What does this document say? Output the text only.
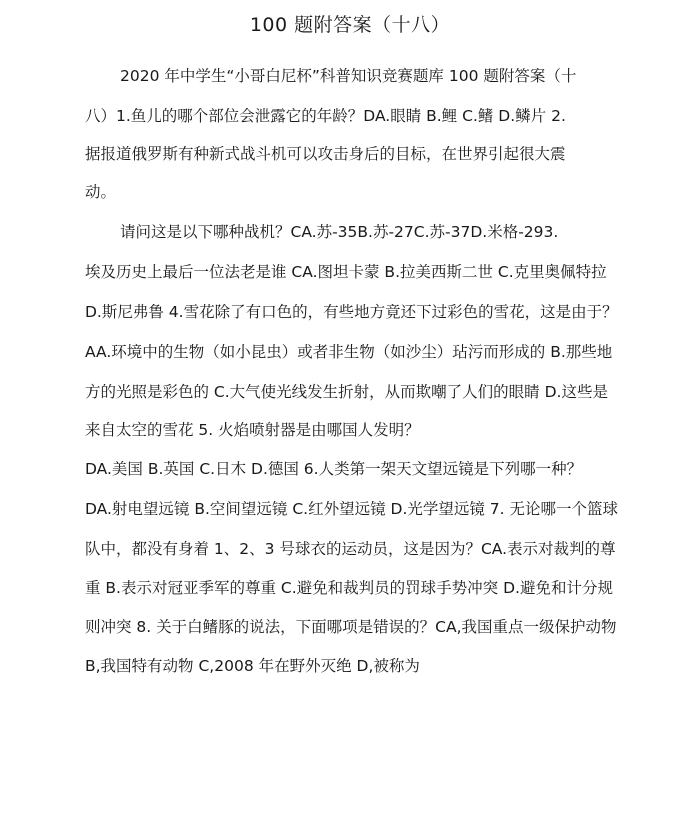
100 题附答案（十八）
2020 年中学生“小哥白尼杯”科普知识竞赛题库 100 题附答案（十
八）1.鱼儿的哪个部位会泄露它的年龄？DA.眼睛 B.鲤 C.鳍 D.鳞片 2.
据报道俄罗斯有种新式战斗机可以攻击身后的目标，在世界引起很大震
动。
请问这是以下哪种战机？CA.苏-35B.苏-27C.苏-37D.米格-293.
埃及历史上最后一位法老是谁 CA.图坦卡蒙 B.拉美西斯二世 C.克里奥佩特拉
D.斯尼弗鲁 4.雪花除了有口色的，有些地方竟还下过彩色的雪花，这是由于？
AA.环境中的生物（如小昆虫）或者非生物（如沙尘）玷污而形成的 B.那些地
方的光照是彩色的 C.大气使光线发生折射，从而欺嘲了人们的眼睛 D.这些是
来自太空的雪花 5. 火焰喷射器是由哪国人发明？
DA.美国 B.英国 C.日木 D.德国 6.人类第一架天文望远镜是下列哪一种？
DA.射电望远镜 B.空间望远镜 C.红外望远镜 D.光学望远镜 7. 无论哪一个篮球
队中，都没有身着 1、2、3 号球衣的运动员，这是因为？CA.表示对裁判的尊
重 B.表示对冠亚季军的尊重 C.避免和裁判员的罚球手势冲突 D.避免和计分规
则冲突 8. 关于白鳍豚的说法，下面哪项是错误的？CA,我国重点一级保护动物
B,我国特有动物 C,2008 年在野外灭绝 D,被称为
